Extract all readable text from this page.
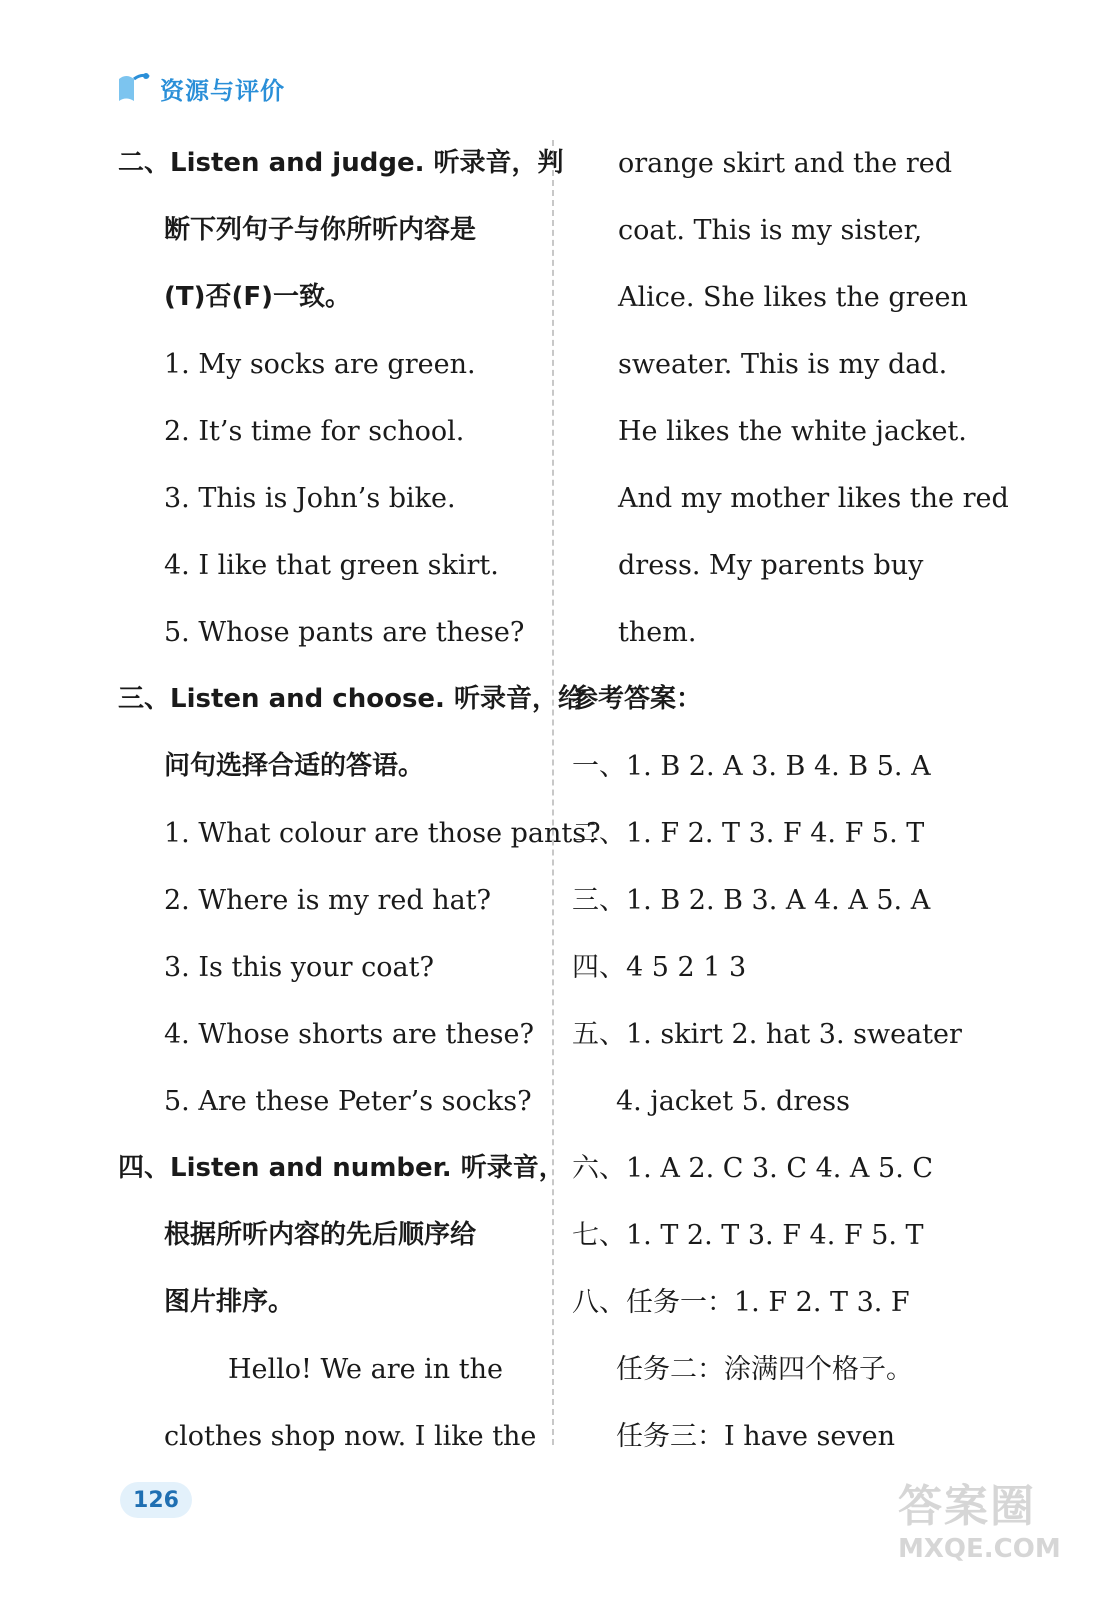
资源与评价
二、Listen and judge. 听录音，判
断下列句子与你所听内容是
(T)否(F)一致。
1. My socks are green.
2. It’s time for school.
3. This is John’s bike.
4. I like that green skirt.
5. Whose pants are these?
三、Listen and choose. 听录音，给
问句选择合适的答语。
1. What colour are those pants?
2. Where is my red hat?
3. Is this your coat?
4. Whose shorts are these?
5. Are these Peter’s socks?
四、Listen and number. 听录音，
根据所听内容的先后顺序给
图片排序。
Hello! We are in the
clothes shop now. I like the
orange skirt and the red
coat. This is my sister,
Alice. She likes the green
sweater. This is my dad.
He likes the white jacket.
And my mother likes the red
dress. My parents buy
them.
参考答案：
一、1. B 2. A 3. B 4. B 5. A
二、1. F 2. T 3. F 4. F 5. T
三、1. B 2. B 3. A 4. A 5. A
四、4 5 2 1 3
五、1. skirt 2. hat 3. sweater
4. jacket 5. dress
六、1. A 2. C 3. C 4. A 5. C
七、1. T 2. T 3. F 4. F 5. T
八、任务一：1. F 2. T 3. F
任务二：涂满四个格子。
任务三：I have seven
126	答案圈
MXQE.COM
